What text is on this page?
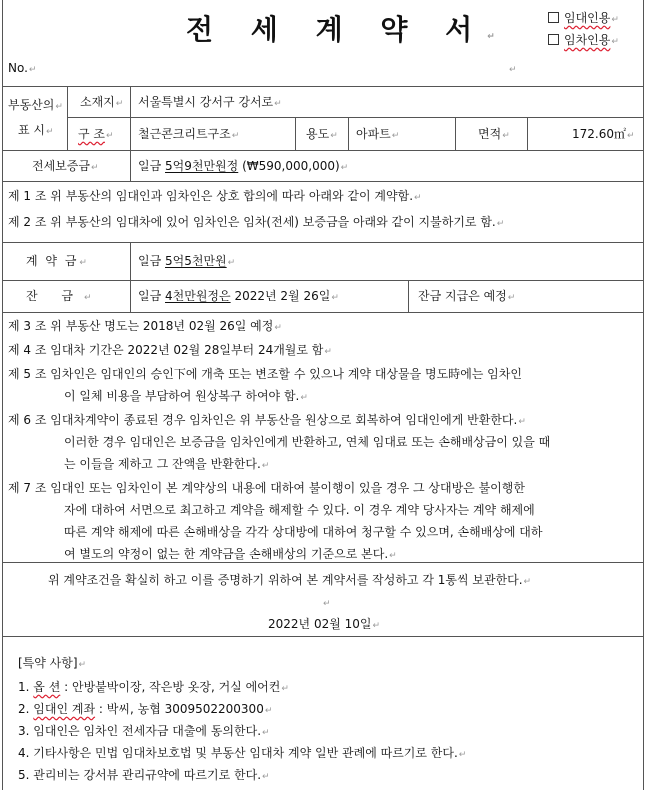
전 세 계 약 서↵
임대인용↵
임차인용↵
No.↵	↵
부동산의↵
표 시↵
소재지↵ 서울특별시 강서구 강서로↵
구 조↵ 철근콘크리트구조↵	용도↵ 아파트↵	면적↵	172.60㎡↵
전세보증금↵	일금 5억9천만원정 (₩590,000,000)↵
제 1 조 위 부동산의 임대인과 임차인은 상호 합의에 따라 아래와 같이 계약함.↵
제 2 조 위 부동산의 임대차에 있어 임차인은 임차(전세) 보증금을 아래와 같이 지불하기로 함.↵
계 약 금↵	일금 5억5천만원↵
잔 금↵	일금 4천만원정은 2022년 2월 26일↵	잔금 지급은 예정↵
제 3 조 위 부동산 명도는 2018년 02월 26일 예정↵
제 4 조 임대차 기간은 2022년 02월 28일부터 24개월로 함↵
제 5 조 임차인은 임대인의 승인下에 개축 또는 변조할 수 있으나 계약 대상물을 명도時에는 임차인
이 일체 비용을 부담하여 원상복구 하여야 함.↵
제 6 조 임대차계약이 종료된 경우 임차인은 위 부동산을 원상으로 회복하여 임대인에게 반환한다.↵
이러한 경우 임대인은 보증금을 임차인에게 반환하고, 연체 임대료 또는 손해배상금이 있을 때
는 이들을 제하고 그 잔액을 반환한다.↵
제 7 조 임대인 또는 임차인이 본 계약상의 내용에 대하여 불이행이 있을 경우 그 상대방은 불이행한
자에 대하여 서면으로 최고하고 계약을 해제할 수 있다. 이 경우 계약 당사자는 계약 해제에
따른 계약 해제에 따른 손해배상을 각각 상대방에 대하여 청구할 수 있으며, 손해배상에 대하
여 별도의 약정이 없는 한 계약금을 손해배상의 기준으로 본다.↵
위 계약조건을 확실히 하고 이를 증명하기 위하여 본 계약서를 작성하고 각 1통씩 보관한다.↵
↵
2022년 02월 10일↵
[특약 사항]↵
1. 옵 션 : 안방붙박이장, 작은방 옷장, 거실 에어컨↵
2. 임대인 계좌 : 박씨, 농협 3009502200300↵
3. 임대인은 임차인 전세자금 대출에 동의한다.↵
4. 기타사항은 민법 임대차보호법 및 부동산 임대차 계약 일반 관례에 따르기로 한다.↵
5. 관리비는 강서뷰 관리규약에 따르기로 한다.↵
